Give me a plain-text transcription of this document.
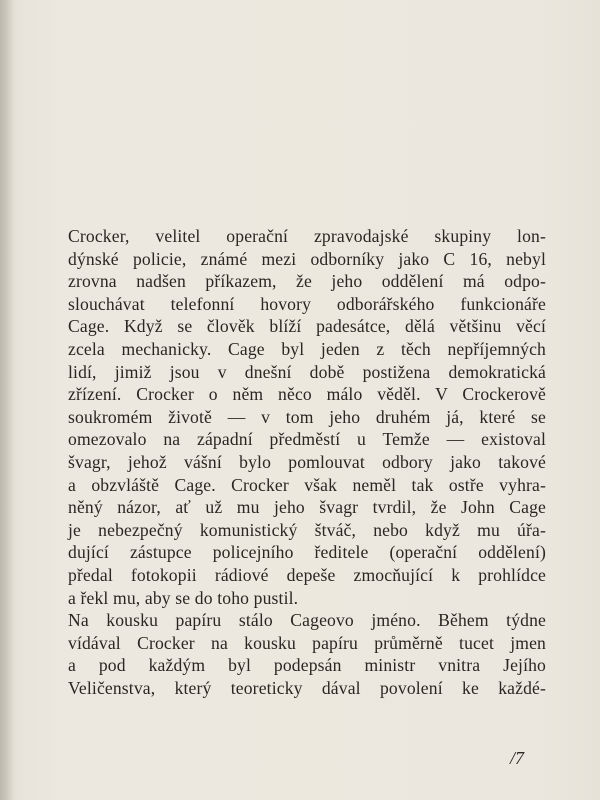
Crocker, velitel operační zpravodajské skupiny lon-
dýnské policie, známé mezi odborníky jako C 16, nebyl
zrovna nadšen příkazem, že jeho oddělení má odpo-
slouchávat telefonní hovory odborářského funkcionáře
Cage. Když se člověk blíží padesátce, dělá většinu věcí
zcela mechanicky. Cage byl jeden z těch nepříjemných
lidí, jimiž jsou v dnešní době postižena demokratická
zřízení. Crocker o něm něco málo věděl. V Crockerově
soukromém životě — v tom jeho druhém já, které se
omezovalo na západní předměstí u Temže — existoval
švagr, jehož vášní bylo pomlouvat odbory jako takové
a obzvláště Cage. Crocker však neměl tak ostře vyhra-
něný názor, ať už mu jeho švagr tvrdil, že John Cage
je nebezpečný komunistický štváč, nebo když mu úřa-
dující zástupce policejního ředitele (operační oddělení)
předal fotokopii rádiové depeše zmocňující k prohlídce
a řekl mu, aby se do toho pustil.
Na kousku papíru stálo Cageovo jméno. Během týdne
vídával Crocker na kousku papíru průměrně tucet jmen
a pod každým byl podepsán ministr vnitra Jejího
Veličenstva, který teoreticky dával povolení ke každé-
/7
